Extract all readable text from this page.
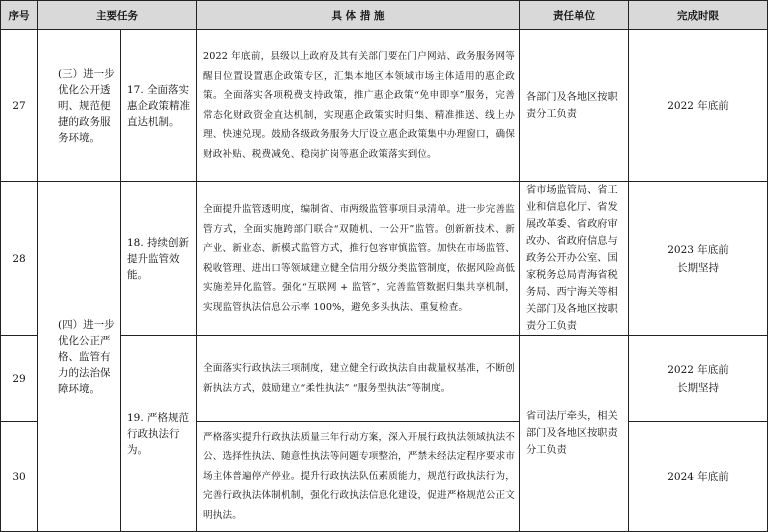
序号	主要任务		具 体 措 施	责任单位	完成时限
27	(三）进一步优化公开透明、规范便捷的政务服务环境。	17. 全面落实惠企政策精准直达机制。	2022 年底前，县级以上政府及其有关部门要在门户网站、政务服务网等醒目位置设置惠企政策专区，汇集本地区本领域市场主体适用的惠企政策。全面落实各项税费支持政策，推广惠企政策“免申即享”服务，完善常态化财政资金直达机制，实现惠企政策实时归集、精准推送、线上办理、快速兑现。鼓励各级政务服务大厅设立惠企政策集中办理窗口，确保财政补贴、税费减免、稳岗扩岗等惠企政策落实到位。	各部门及各地区按职责分工负责	2022 年底前

28	(四）进一步优化公正严格、监管有力的法治保障环境。	18. 持续创新提升监管效能。	全面提升监管透明度，编制省、市两级监管事项目录清单。进一步完善监管方式，全面实施跨部门联合“双随机、一公开”监管。创新新技术、新产业、新业态、新模式监管方式，推行包容审慎监管。加快在市场监管、税收管理、进出口等领域建立健全信用分级分类监管制度，依据风险高低实施差异化监管。强化“互联网 + 监管”，完善监管数据归集共享机制，实现监管执法信息公示率 100%，避免多头执法、重复检查。	省市场监管局、省工业和信息化厅、省发展改革委、省政府审改办、省政府信息与政务公开办公室、国家税务总局青海省税务局、西宁海关等相关部门及各地区按职责分工负责	2023 年底前
长期坚持

29		19. 严格规范行政执法行为。	全面落实行政执法三项制度，建立健全行政执法自由裁量权基准，不断创新执法方式，鼓励建立“柔性执法” “服务型执法”等制度。	省司法厅牵头，相关部门及各地区按职责分工负责	2022 年底前
长期坚持

30			严格落实提升行政执法质量三年行动方案，深入开展行政执法领域执法不公、选择性执法、随意性执法等问题专项整治，严禁未经法定程序要求市场主体普遍停产停业。提升行政执法队伍素质能力，规范行政执法行为，完善行政执法体制机制，强化行政执法信息化建设，促进严格规范公正文明执法。		2024 年底前
